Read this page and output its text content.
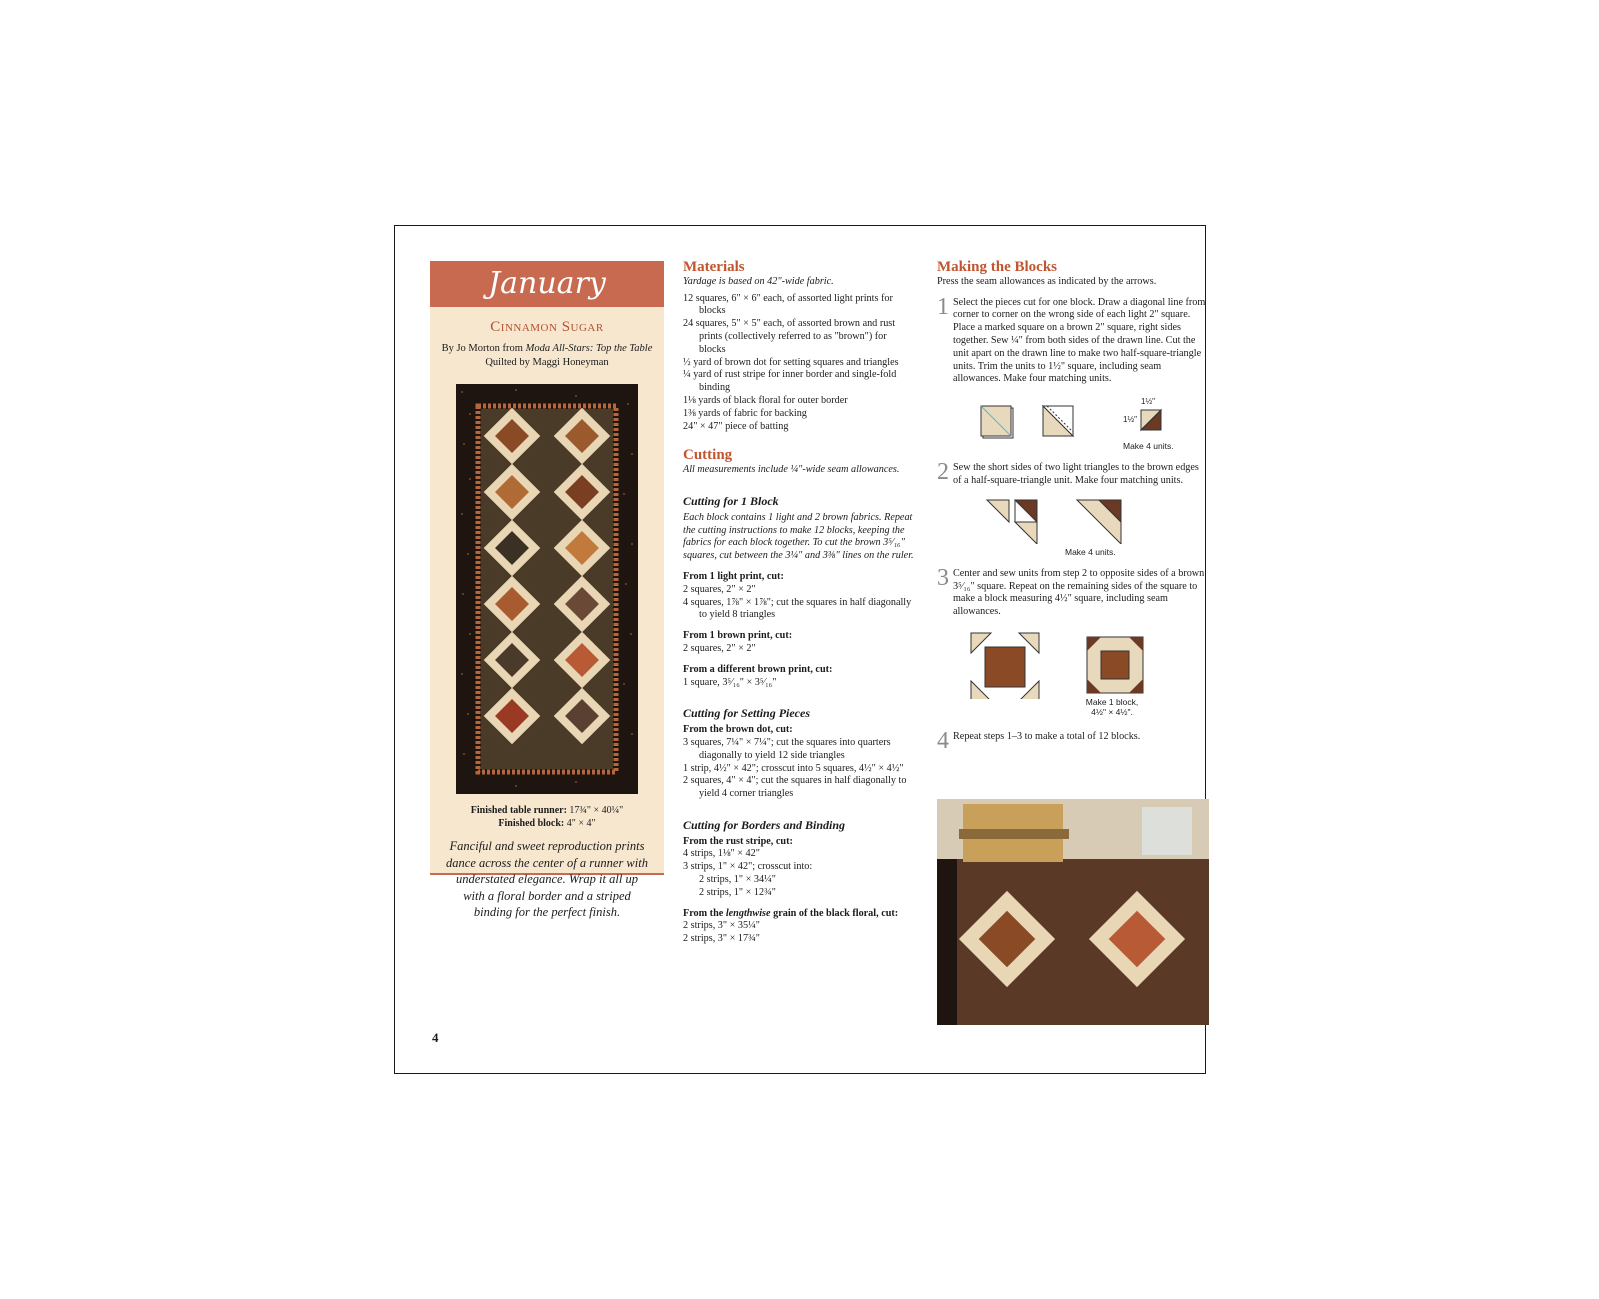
January
Cinnamon Sugar
By Jo Morton from Moda All-Stars: Top the Table
Quilted by Maggi Honeyman
Finished table runner: 17¾" × 40¼"
Finished block: 4" × 4"
Fanciful and sweet reproduction prints dance across the center of a runner with understated elegance. Wrap it all up with a floral border and a striped binding for the perfect finish.
Materials
Yardage is based on 42"-wide fabric.

12 squares, 6" × 6" each, of assorted light prints for blocks

24 squares, 5" × 5" each, of assorted brown and rust prints (collectively referred to as "brown") for blocks

½ yard of brown dot for setting squares and triangles

¼ yard of rust stripe for inner border and single-fold binding

1⅛ yards of black floral for outer border

1⅜ yards of fabric for backing

24" × 47" piece of batting

Cutting
All measurements include ¼"-wide seam allowances.
Cutting for 1 Block
Each block contains 1 light and 2 brown fabrics. Repeat the cutting instructions to make 12 blocks, keeping the fabrics for each block together. To cut the brown 3⁵⁄₁₆" squares, cut between the 3¼" and 3⅜" lines on the ruler.
From 1 light print, cut:

2 squares, 2" × 2"

4 squares, 1⅞" × 1⅞"; cut the squares in half diagonally to yield 8 triangles

From 1 brown print, cut:

2 squares, 2" × 2"

From a different brown print, cut:

1 square, 3⁵⁄₁₆" × 3⁵⁄₁₆"

Cutting for Setting Pieces
From the brown dot, cut:

3 squares, 7¼" × 7¼"; cut the squares into quarters diagonally to yield 12 side triangles

1 strip, 4½" × 42"; crosscut into 5 squares, 4½" × 4½"

2 squares, 4" × 4"; cut the squares in half diagonally to yield 4 corner triangles

Cutting for Borders and Binding
From the rust stripe, cut:

4 strips, 1⅛" × 42"

3 strips, 1" × 42"; crosscut into:

2 strips, 1" × 34¼"

2 strips, 1" × 12¾"

From the lengthwise grain of the black floral, cut:

2 strips, 3" × 35¼"

2 strips, 3" × 17¾"

Making the Blocks
Press the seam allowances as indicated by the arrows.
1 Select the pieces cut for one block. Draw a diagonal line from corner to corner on the wrong side of each light 2" square. Place a marked square on a brown 2" square, right sides together. Sew ¼" from both sides of the drawn line. Cut the unit apart on the drawn line to make two half-square-triangle units. Trim the units to 1½" square, including seam allowances. Make four matching units.
1½"
1½"
Make 4 units.
2 Sew the short sides of two light triangles to the brown edges of a half-square-triangle unit. Make four matching units.
Make 4 units.
3 Center and sew units from step 2 to opposite sides of a brown 3⁵⁄₁₆" square. Repeat on the remaining sides of the square to make a block measuring 4½" square, including seam allowances.
Make 1 block,
4½" × 4½".
4 Repeat steps 1–3 to make a total of 12 blocks.
4
